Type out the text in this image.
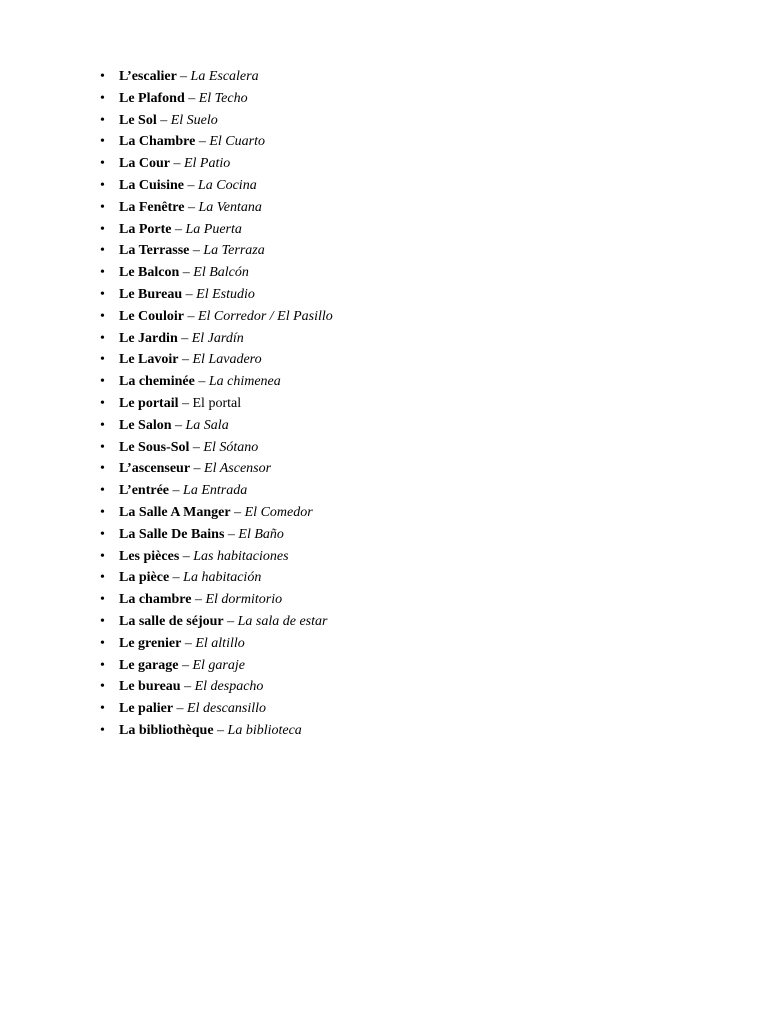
• L’escalier – La Escalera
• Le Plafond – El Techo
• Le Sol – El Suelo
• La Chambre – El Cuarto
• La Cour – El Patio
• La Cuisine – La Cocina
• La Fenêtre – La Ventana
• La Porte – La Puerta
• La Terrasse – La Terraza
• Le Balcon – El Balcón
• Le Bureau – El Estudio
• Le Couloir – El Corredor / El Pasillo
• Le Jardin – El Jardín
• Le Lavoir – El Lavadero
• La cheminée – La chimenea
• Le portail – El portal
• Le Salon – La Sala
• Le Sous-Sol – El Sótano
• L’ascenseur – El Ascensor
• L’entrée – La Entrada
• La Salle A Manger – El Comedor
• La Salle De Bains – El Baño
• Les pièces – Las habitaciones
• La pièce – La habitación
• La chambre – El dormitorio
• La salle de séjour – La sala de estar
• Le grenier – El altillo
• Le garage – El garaje
• Le bureau – El despacho
• Le palier – El descansillo
• La bibliothèque – La biblioteca
